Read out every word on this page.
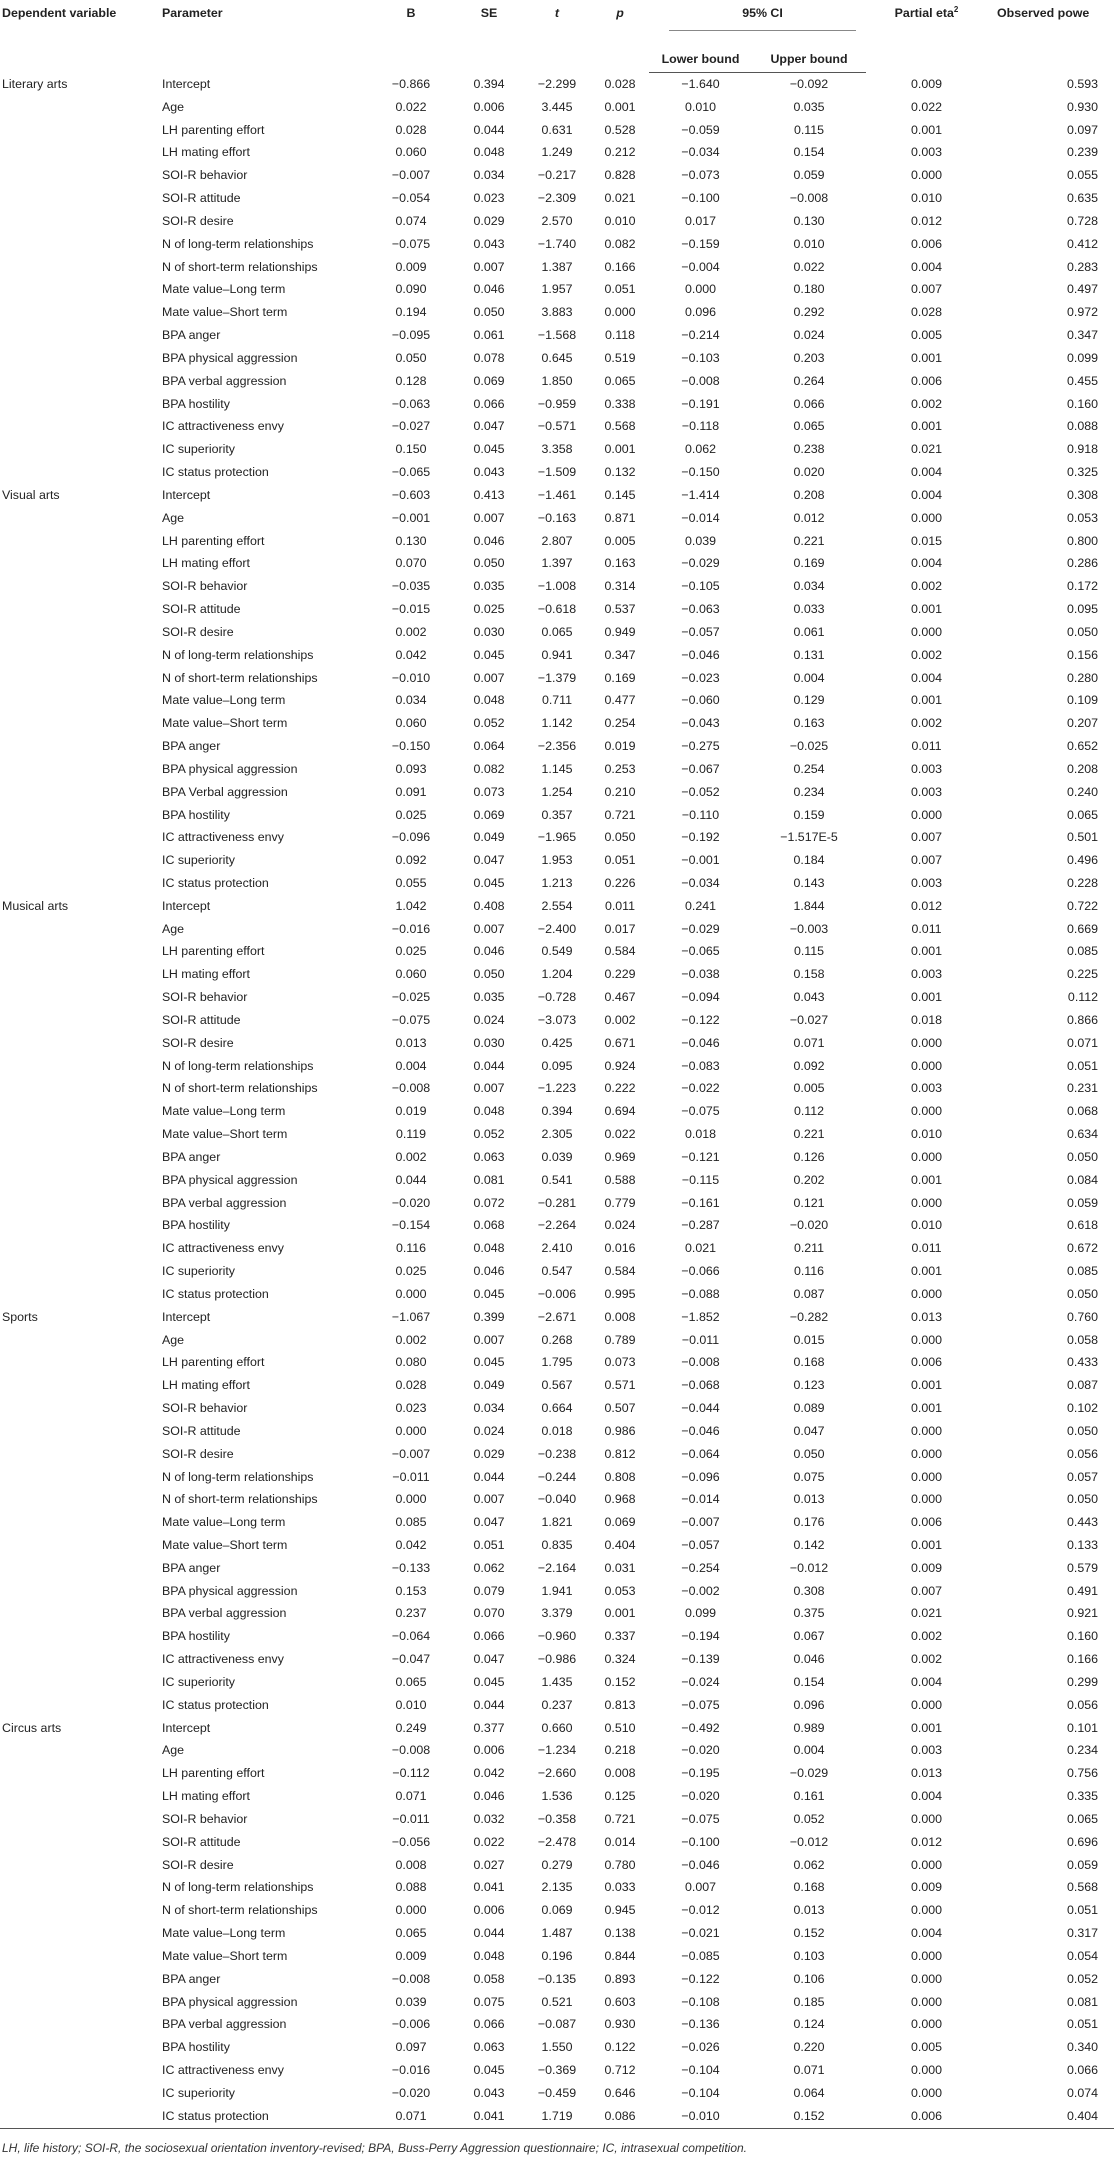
Dependent variable	Parameter	B	SE	t	p	95% CI		Partial eta$^2$	Observed powe
						Lower bound	Upper bound		
Literary arts	Intercept	−0.866	0.394	−2.299	0.028	−1.640	−0.092	0.009	0.593
	Age	0.022	0.006	3.445	0.001	0.010	0.035	0.022	0.930
	LH parenting effort	0.028	0.044	0.631	0.528	−0.059	0.115	0.001	0.097
	LH mating effort	0.060	0.048	1.249	0.212	−0.034	0.154	0.003	0.239
	SOI-R behavior	−0.007	0.034	−0.217	0.828	−0.073	0.059	0.000	0.055
	SOI-R attitude	−0.054	0.023	−2.309	0.021	−0.100	−0.008	0.010	0.635
	SOI-R desire	0.074	0.029	2.570	0.010	0.017	0.130	0.012	0.728
	N of long-term relationships	−0.075	0.043	−1.740	0.082	−0.159	0.010	0.006	0.412
	N of short-term relationships	0.009	0.007	1.387	0.166	−0.004	0.022	0.004	0.283
	Mate value–Long term	0.090	0.046	1.957	0.051	0.000	0.180	0.007	0.497
	Mate value–Short term	0.194	0.050	3.883	0.000	0.096	0.292	0.028	0.972
	BPA anger	−0.095	0.061	−1.568	0.118	−0.214	0.024	0.005	0.347
	BPA physical aggression	0.050	0.078	0.645	0.519	−0.103	0.203	0.001	0.099
	BPA verbal aggression	0.128	0.069	1.850	0.065	−0.008	0.264	0.006	0.455
	BPA hostility	−0.063	0.066	−0.959	0.338	−0.191	0.066	0.002	0.160
	IC attractiveness envy	−0.027	0.047	−0.571	0.568	−0.118	0.065	0.001	0.088
	IC superiority	0.150	0.045	3.358	0.001	0.062	0.238	0.021	0.918
	IC status protection	−0.065	0.043	−1.509	0.132	−0.150	0.020	0.004	0.325
Visual arts	Intercept	−0.603	0.413	−1.461	0.145	−1.414	0.208	0.004	0.308
	Age	−0.001	0.007	−0.163	0.871	−0.014	0.012	0.000	0.053
	LH parenting effort	0.130	0.046	2.807	0.005	0.039	0.221	0.015	0.800
	LH mating effort	0.070	0.050	1.397	0.163	−0.029	0.169	0.004	0.286
	SOI-R behavior	−0.035	0.035	−1.008	0.314	−0.105	0.034	0.002	0.172
	SOI-R attitude	−0.015	0.025	−0.618	0.537	−0.063	0.033	0.001	0.095
	SOI-R desire	0.002	0.030	0.065	0.949	−0.057	0.061	0.000	0.050
	N of long-term relationships	0.042	0.045	0.941	0.347	−0.046	0.131	0.002	0.156
	N of short-term relationships	−0.010	0.007	−1.379	0.169	−0.023	0.004	0.004	0.280
	Mate value–Long term	0.034	0.048	0.711	0.477	−0.060	0.129	0.001	0.109
	Mate value–Short term	0.060	0.052	1.142	0.254	−0.043	0.163	0.002	0.207
	BPA anger	−0.150	0.064	−2.356	0.019	−0.275	−0.025	0.011	0.652
	BPA physical aggression	0.093	0.082	1.145	0.253	−0.067	0.254	0.003	0.208
	BPA Verbal aggression	0.091	0.073	1.254	0.210	−0.052	0.234	0.003	0.240
	BPA hostility	0.025	0.069	0.357	0.721	−0.110	0.159	0.000	0.065
	IC attractiveness envy	−0.096	0.049	−1.965	0.050	−0.192	−1.517E-5	0.007	0.501
	IC superiority	0.092	0.047	1.953	0.051	−0.001	0.184	0.007	0.496
	IC status protection	0.055	0.045	1.213	0.226	−0.034	0.143	0.003	0.228
Musical arts	Intercept	1.042	0.408	2.554	0.011	0.241	1.844	0.012	0.722
	Age	−0.016	0.007	−2.400	0.017	−0.029	−0.003	0.011	0.669
	LH parenting effort	0.025	0.046	0.549	0.584	−0.065	0.115	0.001	0.085
	LH mating effort	0.060	0.050	1.204	0.229	−0.038	0.158	0.003	0.225
	SOI-R behavior	−0.025	0.035	−0.728	0.467	−0.094	0.043	0.001	0.112
	SOI-R attitude	−0.075	0.024	−3.073	0.002	−0.122	−0.027	0.018	0.866
	SOI-R desire	0.013	0.030	0.425	0.671	−0.046	0.071	0.000	0.071
	N of long-term relationships	0.004	0.044	0.095	0.924	−0.083	0.092	0.000	0.051
	N of short-term relationships	−0.008	0.007	−1.223	0.222	−0.022	0.005	0.003	0.231
	Mate value–Long term	0.019	0.048	0.394	0.694	−0.075	0.112	0.000	0.068
	Mate value–Short term	0.119	0.052	2.305	0.022	0.018	0.221	0.010	0.634
	BPA anger	0.002	0.063	0.039	0.969	−0.121	0.126	0.000	0.050
	BPA physical aggression	0.044	0.081	0.541	0.588	−0.115	0.202	0.001	0.084
	BPA verbal aggression	−0.020	0.072	−0.281	0.779	−0.161	0.121	0.000	0.059
	BPA hostility	−0.154	0.068	−2.264	0.024	−0.287	−0.020	0.010	0.618
	IC attractiveness envy	0.116	0.048	2.410	0.016	0.021	0.211	0.011	0.672
	IC superiority	0.025	0.046	0.547	0.584	−0.066	0.116	0.001	0.085
	IC status protection	0.000	0.045	−0.006	0.995	−0.088	0.087	0.000	0.050
Sports	Intercept	−1.067	0.399	−2.671	0.008	−1.852	−0.282	0.013	0.760
	Age	0.002	0.007	0.268	0.789	−0.011	0.015	0.000	0.058
	LH parenting effort	0.080	0.045	1.795	0.073	−0.008	0.168	0.006	0.433
	LH mating effort	0.028	0.049	0.567	0.571	−0.068	0.123	0.001	0.087
	SOI-R behavior	0.023	0.034	0.664	0.507	−0.044	0.089	0.001	0.102
	SOI-R attitude	0.000	0.024	0.018	0.986	−0.046	0.047	0.000	0.050
	SOI-R desire	−0.007	0.029	−0.238	0.812	−0.064	0.050	0.000	0.056
	N of long-term relationships	−0.011	0.044	−0.244	0.808	−0.096	0.075	0.000	0.057
	N of short-term relationships	0.000	0.007	−0.040	0.968	−0.014	0.013	0.000	0.050
	Mate value–Long term	0.085	0.047	1.821	0.069	−0.007	0.176	0.006	0.443
	Mate value–Short term	0.042	0.051	0.835	0.404	−0.057	0.142	0.001	0.133
	BPA anger	−0.133	0.062	−2.164	0.031	−0.254	−0.012	0.009	0.579
	BPA physical aggression	0.153	0.079	1.941	0.053	−0.002	0.308	0.007	0.491
	BPA verbal aggression	0.237	0.070	3.379	0.001	0.099	0.375	0.021	0.921
	BPA hostility	−0.064	0.066	−0.960	0.337	−0.194	0.067	0.002	0.160
	IC attractiveness envy	−0.047	0.047	−0.986	0.324	−0.139	0.046	0.002	0.166
	IC superiority	0.065	0.045	1.435	0.152	−0.024	0.154	0.004	0.299
	IC status protection	0.010	0.044	0.237	0.813	−0.075	0.096	0.000	0.056
Circus arts	Intercept	0.249	0.377	0.660	0.510	−0.492	0.989	0.001	0.101
	Age	−0.008	0.006	−1.234	0.218	−0.020	0.004	0.003	0.234
	LH parenting effort	−0.112	0.042	−2.660	0.008	−0.195	−0.029	0.013	0.756
	LH mating effort	0.071	0.046	1.536	0.125	−0.020	0.161	0.004	0.335
	SOI-R behavior	−0.011	0.032	−0.358	0.721	−0.075	0.052	0.000	0.065
	SOI-R attitude	−0.056	0.022	−2.478	0.014	−0.100	−0.012	0.012	0.696
	SOI-R desire	0.008	0.027	0.279	0.780	−0.046	0.062	0.000	0.059
	N of long-term relationships	0.088	0.041	2.135	0.033	0.007	0.168	0.009	0.568
	N of short-term relationships	0.000	0.006	0.069	0.945	−0.012	0.013	0.000	0.051
	Mate value–Long term	0.065	0.044	1.487	0.138	−0.021	0.152	0.004	0.317
	Mate value–Short term	0.009	0.048	0.196	0.844	−0.085	0.103	0.000	0.054
	BPA anger	−0.008	0.058	−0.135	0.893	−0.122	0.106	0.000	0.052
	BPA physical aggression	0.039	0.075	0.521	0.603	−0.108	0.185	0.000	0.081
	BPA verbal aggression	−0.006	0.066	−0.087	0.930	−0.136	0.124	0.000	0.051
	BPA hostility	0.097	0.063	1.550	0.122	−0.026	0.220	0.005	0.340
	IC attractiveness envy	−0.016	0.045	−0.369	0.712	−0.104	0.071	0.000	0.066
	IC superiority	−0.020	0.043	−0.459	0.646	−0.104	0.064	0.000	0.074
	IC status protection	0.071	0.041	1.719	0.086	−0.010	0.152	0.006	0.404
LH, life history; SOI-R, the sociosexual orientation inventory-revised; BPA, Buss-Perry Aggression questionnaire; IC, intrasexual competition.
